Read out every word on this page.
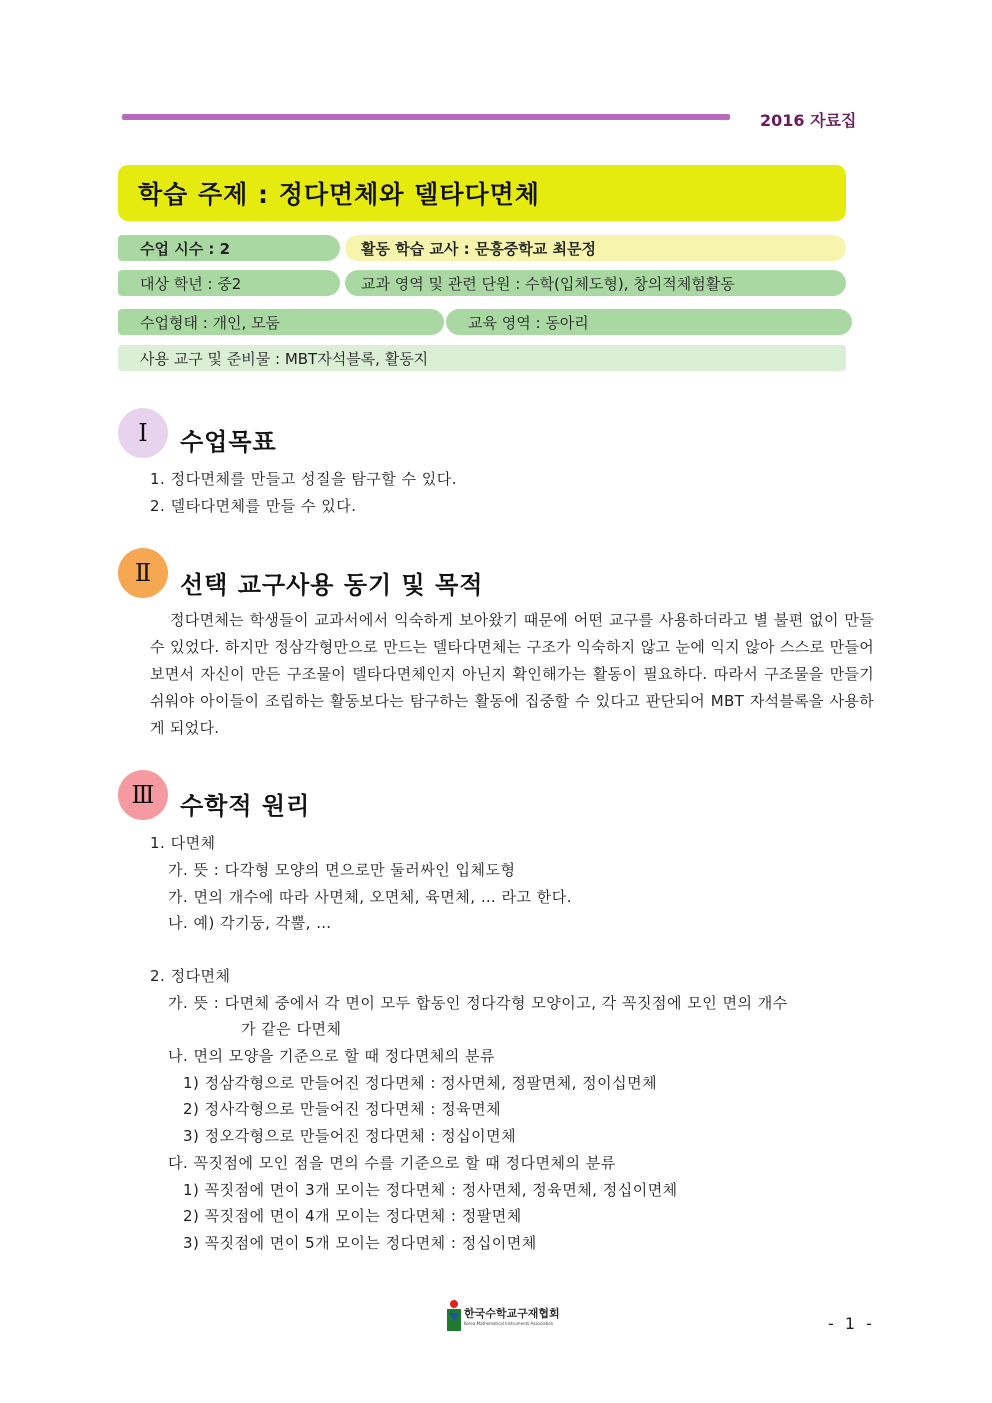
2016 자료집
학습 주제 : 정다면체와 델타다면체
수업 시수 : 2	활동 학습 교사 : 문흥중학교 최문정
대상 학년 : 중2	교과 영역 및 관련 단원 : 수학(입체도형), 창의적체험활동
수업형태 : 개인, 모둠	교육 영역 : 동아리
사용 교구 및 준비물 : MBT자석블록, 활동지
Ⅰ	수업목표
1. 정다면체를 만들고 성질을 탐구할 수 있다.
2. 델타다면체를 만들 수 있다.
Ⅱ	선택 교구사용 동기 및 목적
정다면체는 학생들이 교과서에서 익숙하게 보아왔기 때문에 어떤 교구를 사용하더라고 별 불편 없이 만들 수 있었다. 하지만 정삼각형만으로 만드는 델타다면체는 구조가 익숙하지 않고 눈에 익지 않아 스스로 만들어보면서 자신이 만든 구조물이 델타다면체인지 아닌지 확인해가는 활동이 필요하다. 따라서 구조물을 만들기 쉬워야 아이들이 조립하는 활동보다는 탐구하는 활동에 집중할 수 있다고 판단되어 MBT 자석블록을 사용하게 되었다.
Ⅲ	수학적 원리
1. 다면체
가. 뜻 : 다각형 모양의 면으로만 둘러싸인 입체도형
가. 면의 개수에 따라 사면체, 오면체, 육면체, … 라고 한다.
나. 예) 각기둥, 각뿔, …
2. 정다면체
가. 뜻 : 다면체 중에서 각 면이 모두 합동인 정다각형 모양이고, 각 꼭짓점에 모인 면의 개수
가 같은 다면체
나. 면의 모양을 기준으로 할 때 정다면체의 분류
1) 정삼각형으로 만들어진 정다면체 : 정사면체, 정팔면체, 정이십면체
2) 정사각형으로 만들어진 정다면체 : 정육면체
3) 정오각형으로 만들어진 정다면체 : 정십이면체
다. 꼭짓점에 모인 점을 면의 수를 기준으로 할 때 정다면체의 분류
1) 꼭짓점에 면이 3개 모이는 정다면체 : 정사면체, 정육면체, 정십이면체
2) 꼭짓점에 면이 4개 모이는 정다면체 : 정팔면체
3) 꼭짓점에 면이 5개 모이는 정다면체 : 정십이면체
한국수학교구재협회
Korea Mathematical Instruments Association	- 1 -
